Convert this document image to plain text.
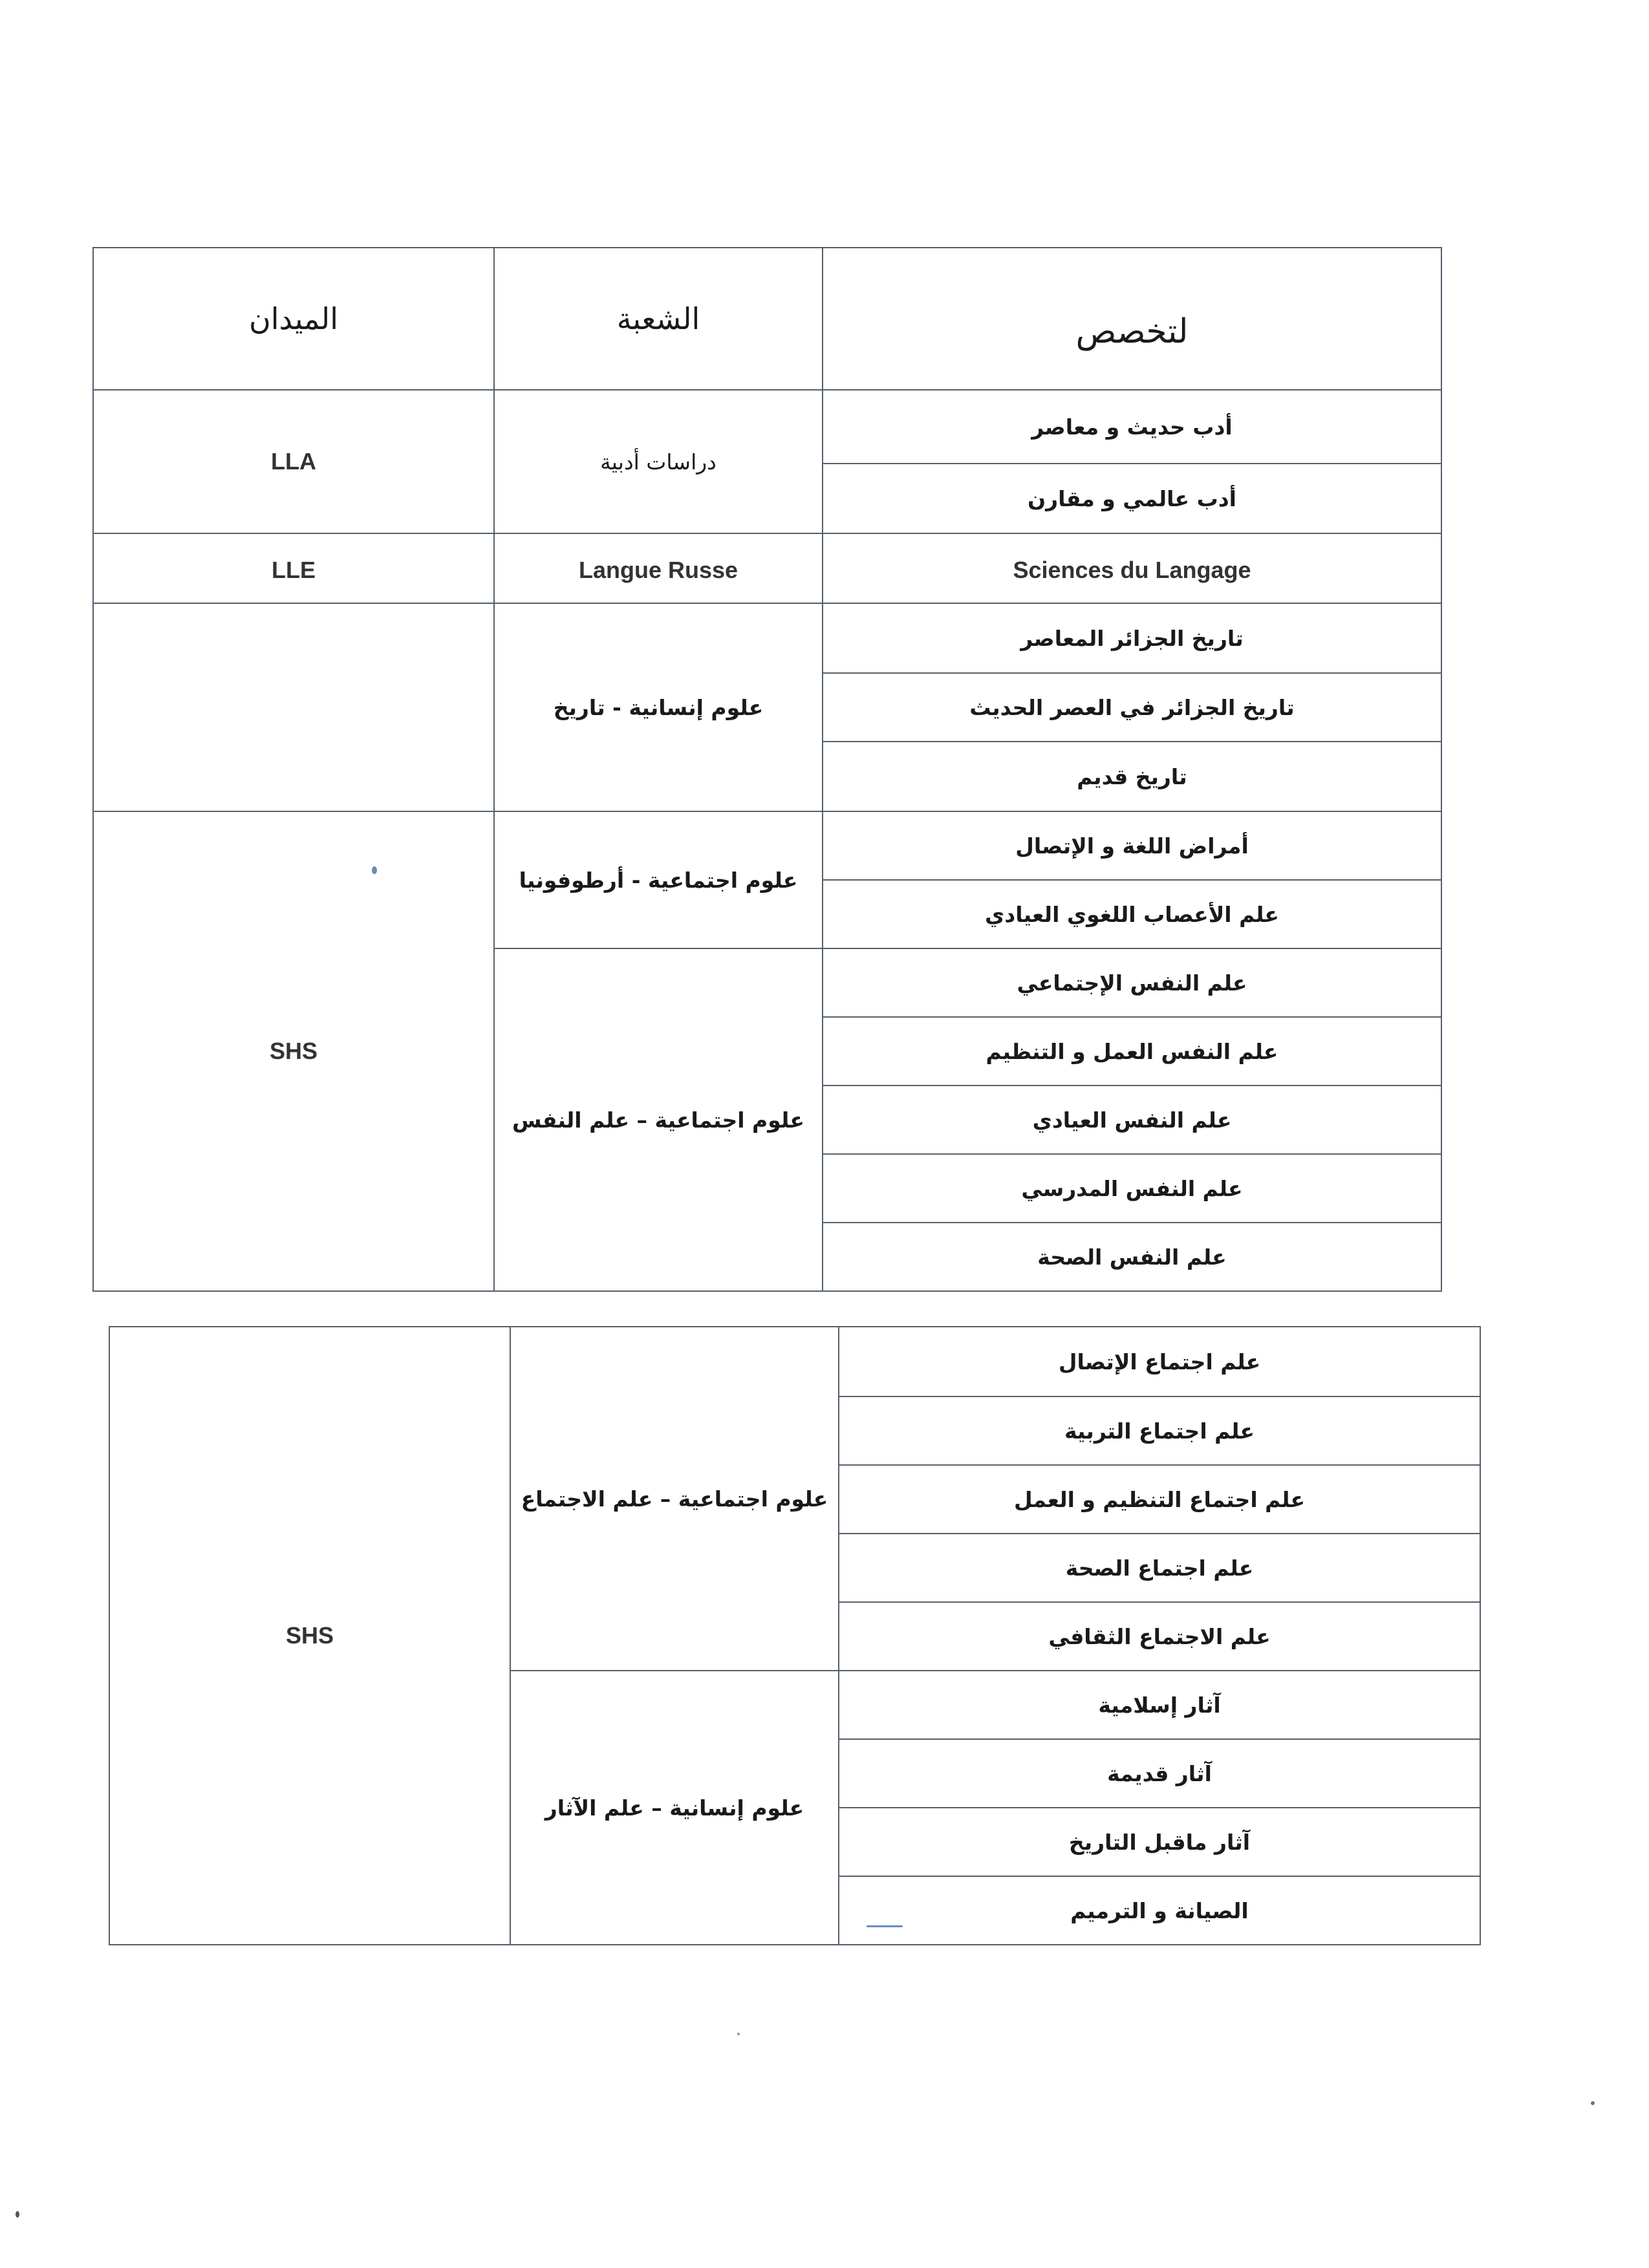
الميدان	الشعبة	لتخصص
LLA	دراسات أدبية	أدب حديث و معاصر
		أدب عالمي و مقارن
LLE	Langue Russe	Sciences du Langage
	علوم إنسانية - تاريخ	تاريخ الجزائر المعاصر
		تاريخ الجزائر في العصر الحديث
		تاريخ قديم
SHS	علوم اجتماعية - أرطوفونيا	أمراض اللغة و الإتصال
		علم الأعصاب اللغوي العيادي
	علوم اجتماعية – علم النفس	علم النفس الإجتماعي
		علم النفس العمل و التنظيم
		علم النفس العيادي
		علم النفس المدرسي
		علم النفس الصحة
SHS	علوم اجتماعية – علم الاجتماع	علم اجتماع الإتصال
		علم اجتماع التربية
		علم اجتماع التنظيم و العمل
		علم اجتماع الصحة
		علم الاجتماع الثقافي
	علوم إنسانية – علم الآثار	آثار إسلامية
		آثار قديمة
		آثار ماقبل التاريخ
		الصيانة و الترميم
